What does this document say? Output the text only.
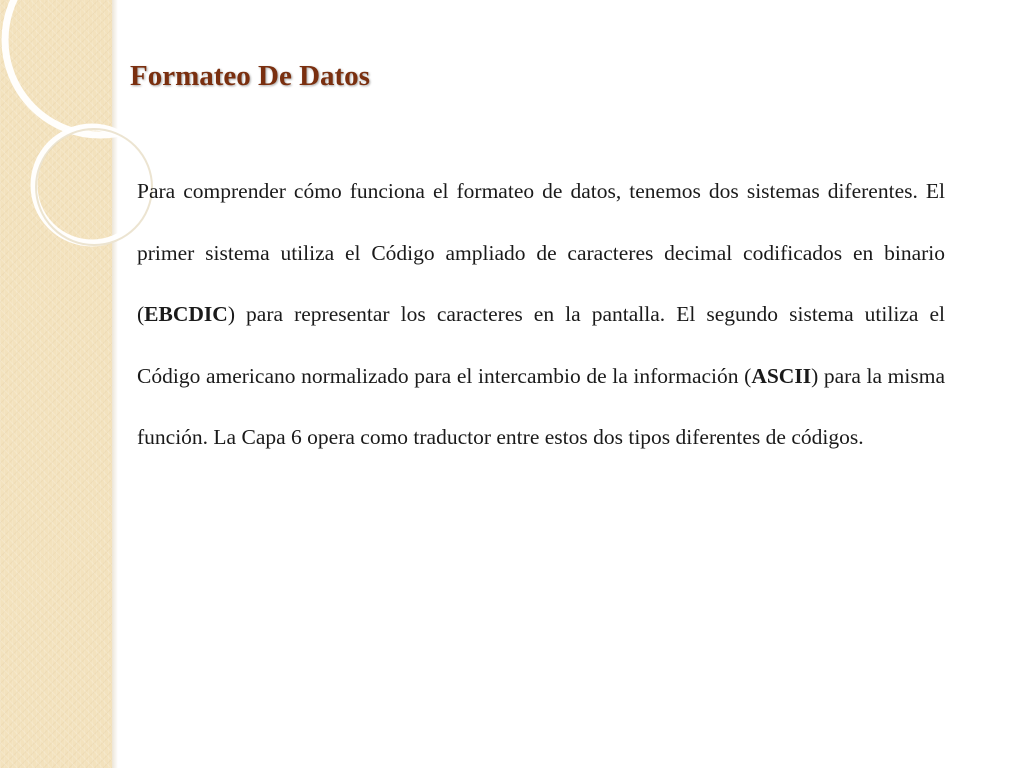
Formateo De Datos

Para comprender cómo funciona el formateo de datos, tenemos dos sistemas diferentes. El primer sistema utiliza el Código ampliado de caracteres decimal codificados en binario (EBCDIC) para representar los caracteres en la pantalla. El segundo sistema utiliza el Código americano normalizado para el intercambio de la información (ASCII) para la misma función. La Capa 6 opera como traductor entre estos dos tipos diferentes de códigos.
